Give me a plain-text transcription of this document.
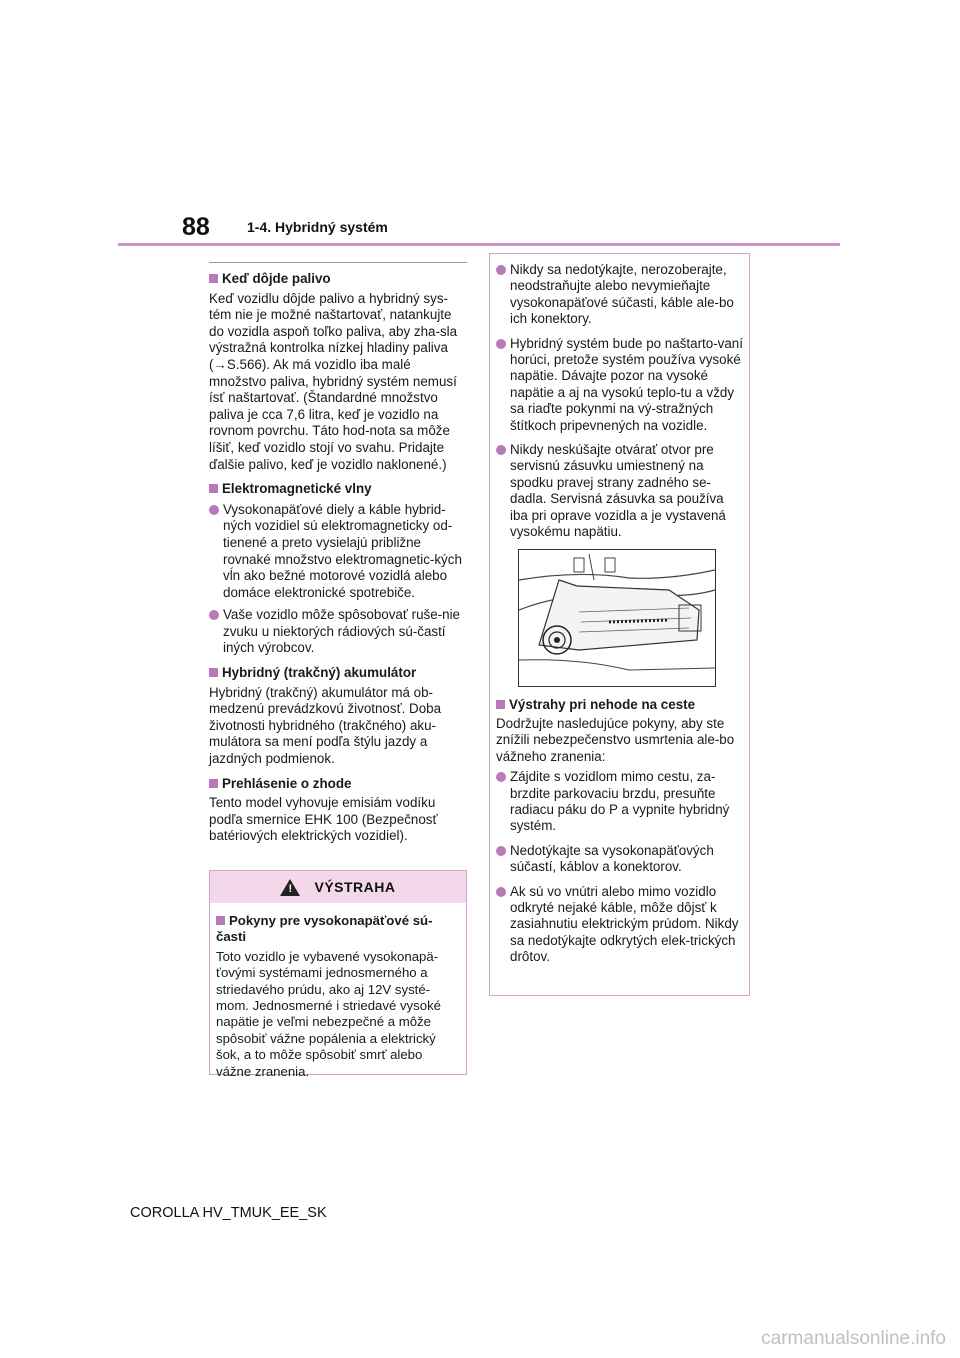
88	1-4. Hybridný systém
Keď dôjde palivo
Keď vozidlu dôjde palivo a hybridný sys-tém nie je možné naštartovať, natankujte do vozidla aspoň toľko paliva, aby zha-sla výstražná kontrolka nízkej hladiny paliva (→S.566). Ak má vozidlo iba malé množstvo paliva, hybridný systém nemusí ísť naštartovať. (Štandardné množstvo paliva je cca 7,6 litra, keď je vozidlo na rovnom povrchu. Táto hod-nota sa môže líšiť, keď vozidlo stojí vo svahu. Pridajte ďalšie palivo, keď je vozidlo naklonené.)
Elektromagnetické vlny
Vysokonapäťové diely a káble hybrid-ných vozidiel sú elektromagneticky od-tienené a preto vysielajú približne rovnaké množstvo elektromagnetic-kých vĺn ako bežné motorové vozidlá alebo domáce elektronické spotrebiče.
Vaše vozidlo môže spôsobovať ruše-nie zvuku u niektorých rádiových sú-častí iných výrobcov.
Hybridný (trakčný) akumulátor
Hybridný (trakčný) akumulátor má ob-medzenú prevádzkovú životnosť. Doba životnosti hybridného (trakčného) aku-mulátora sa mení podľa štýlu jazdy a jazdných podmienok.
Prehlásenie o zhode
Tento model vyhovuje emisiám vodíku podľa smernice EHK 100 (Bezpečnosť batériových elektrických vozidiel).
! VÝSTRAHA
Pokyny pre vysokonapäťové sú-časti
Toto vozidlo je vybavené vysokonapä-ťovými systémami jednosmerného a striedavého prúdu, ako aj 12V systé-mom. Jednosmerné i striedavé vysoké napätie je veľmi nebezpečné a môže spôsobiť vážne popálenia a elektrický šok, a to môže spôsobiť smrť alebo vážne zranenia.
Nikdy sa nedotýkajte, nerozoberajte, neodstraňujte alebo nevymieňajte vysokonapäťové súčasti, káble ale-bo ich konektory.
Hybridný systém bude po naštarto-vaní horúci, pretože systém používa vysoké napätie. Dávajte pozor na vysoké napätie a aj na vysokú teplo-tu a vždy sa riaďte pokynmi na vý-stražných štítkoch pripevnených na vozidle.
Nikdy neskúšajte otvárať otvor pre servisnú zásuvku umiestnený na spodku pravej strany zadného se-dadla. Servisná zásuvka sa používa iba pri oprave vozidla a je vystavená vysokému napätiu.
Výstrahy pri nehode na ceste
Dodržujte nasledujúce pokyny, aby ste znížili nebezpečenstvo usmrtenia ale-bo vážneho zranenia:
Zájdite s vozidlom mimo cestu, za-brzdite parkovaciu brzdu, presuňte radiacu páku do P a vypnite hybridný systém.
Nedotýkajte sa vysokonapäťových súčastí, káblov a konektorov.
Ak sú vo vnútri alebo mimo vozidlo odkryté nejaké káble, môže dôjsť k zasiahnutiu elektrickým prúdom. Nikdy sa nedotýkajte odkrytých elek-trických drôtov.
COROLLA HV_TMUK_EE_SK
carmanualsonline.info
